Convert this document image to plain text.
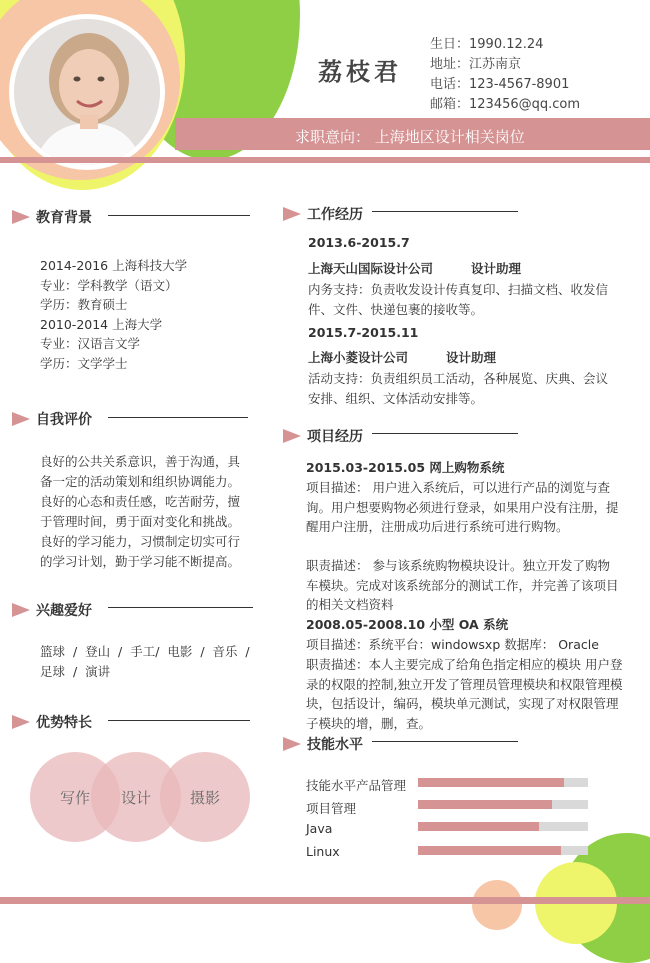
荔枝君
生日：1990.12.24
地址：江苏南京
电话：123-4567-8901
邮箱：123456@qq.com
求职意向： 上海地区设计相关岗位
教育背景
2014-2016 上海科技大学
专业：学科教学（语文）
学历：教育硕士
2010-2014 上海大学
专业：汉语言文学
学历：文学学士
自我评价
良好的公共关系意识，善于沟通，具备一定的活动策划和组织协调能力。良好的心态和责任感，吃苦耐劳，擅于管理时间，勇于面对变化和挑战。良好的学习能力，习惯制定切实可行的学习计划，勤于学习能不断提高。
兴趣爱好
篮球  /  登山  /  手工/  电影  /  音乐  /
足球  /  演讲
优势特长
写作 设计	摄影
工作经历
2013.6-2015.7
上海天山国际设计公司	设计助理
内务支持：负责收发设计传真复印、扫描文档、收发信件、文件、快递包裹的接收等。
2015.7-2015.11
上海小菱设计公司	设计助理
活动支持：负责组织员工活动，各种展览、庆典、会议安排、组织、文体活动安排等。
项目经历
2015.03-2015.05 网上购物系统
项目描述： 用户进入系统后，可以进行产品的浏览与查询。用户想要购物必须进行登录，如果用户没有注册，提醒用户注册，注册成功后进行系统可进行购物。
职责描述： 参与该系统购物模块设计。独立开发了购物车模块。完成对该系统部分的测试工作，并完善了该项目的相关文档资料
2008.05-2008.10 小型 OA 系统
项目描述：系统平台：windowsxp 数据库： Oracle
职责描述：本人主要完成了给角色指定相应的模块 用户登录的权限的控制,独立开发了管理员管理模块和权限管理模块，包括设计，编码，模块单元测试，实现了对权限管理子模块的增，删，查。
技能水平
技能水平产品管理
项目管理
Java
Linux
